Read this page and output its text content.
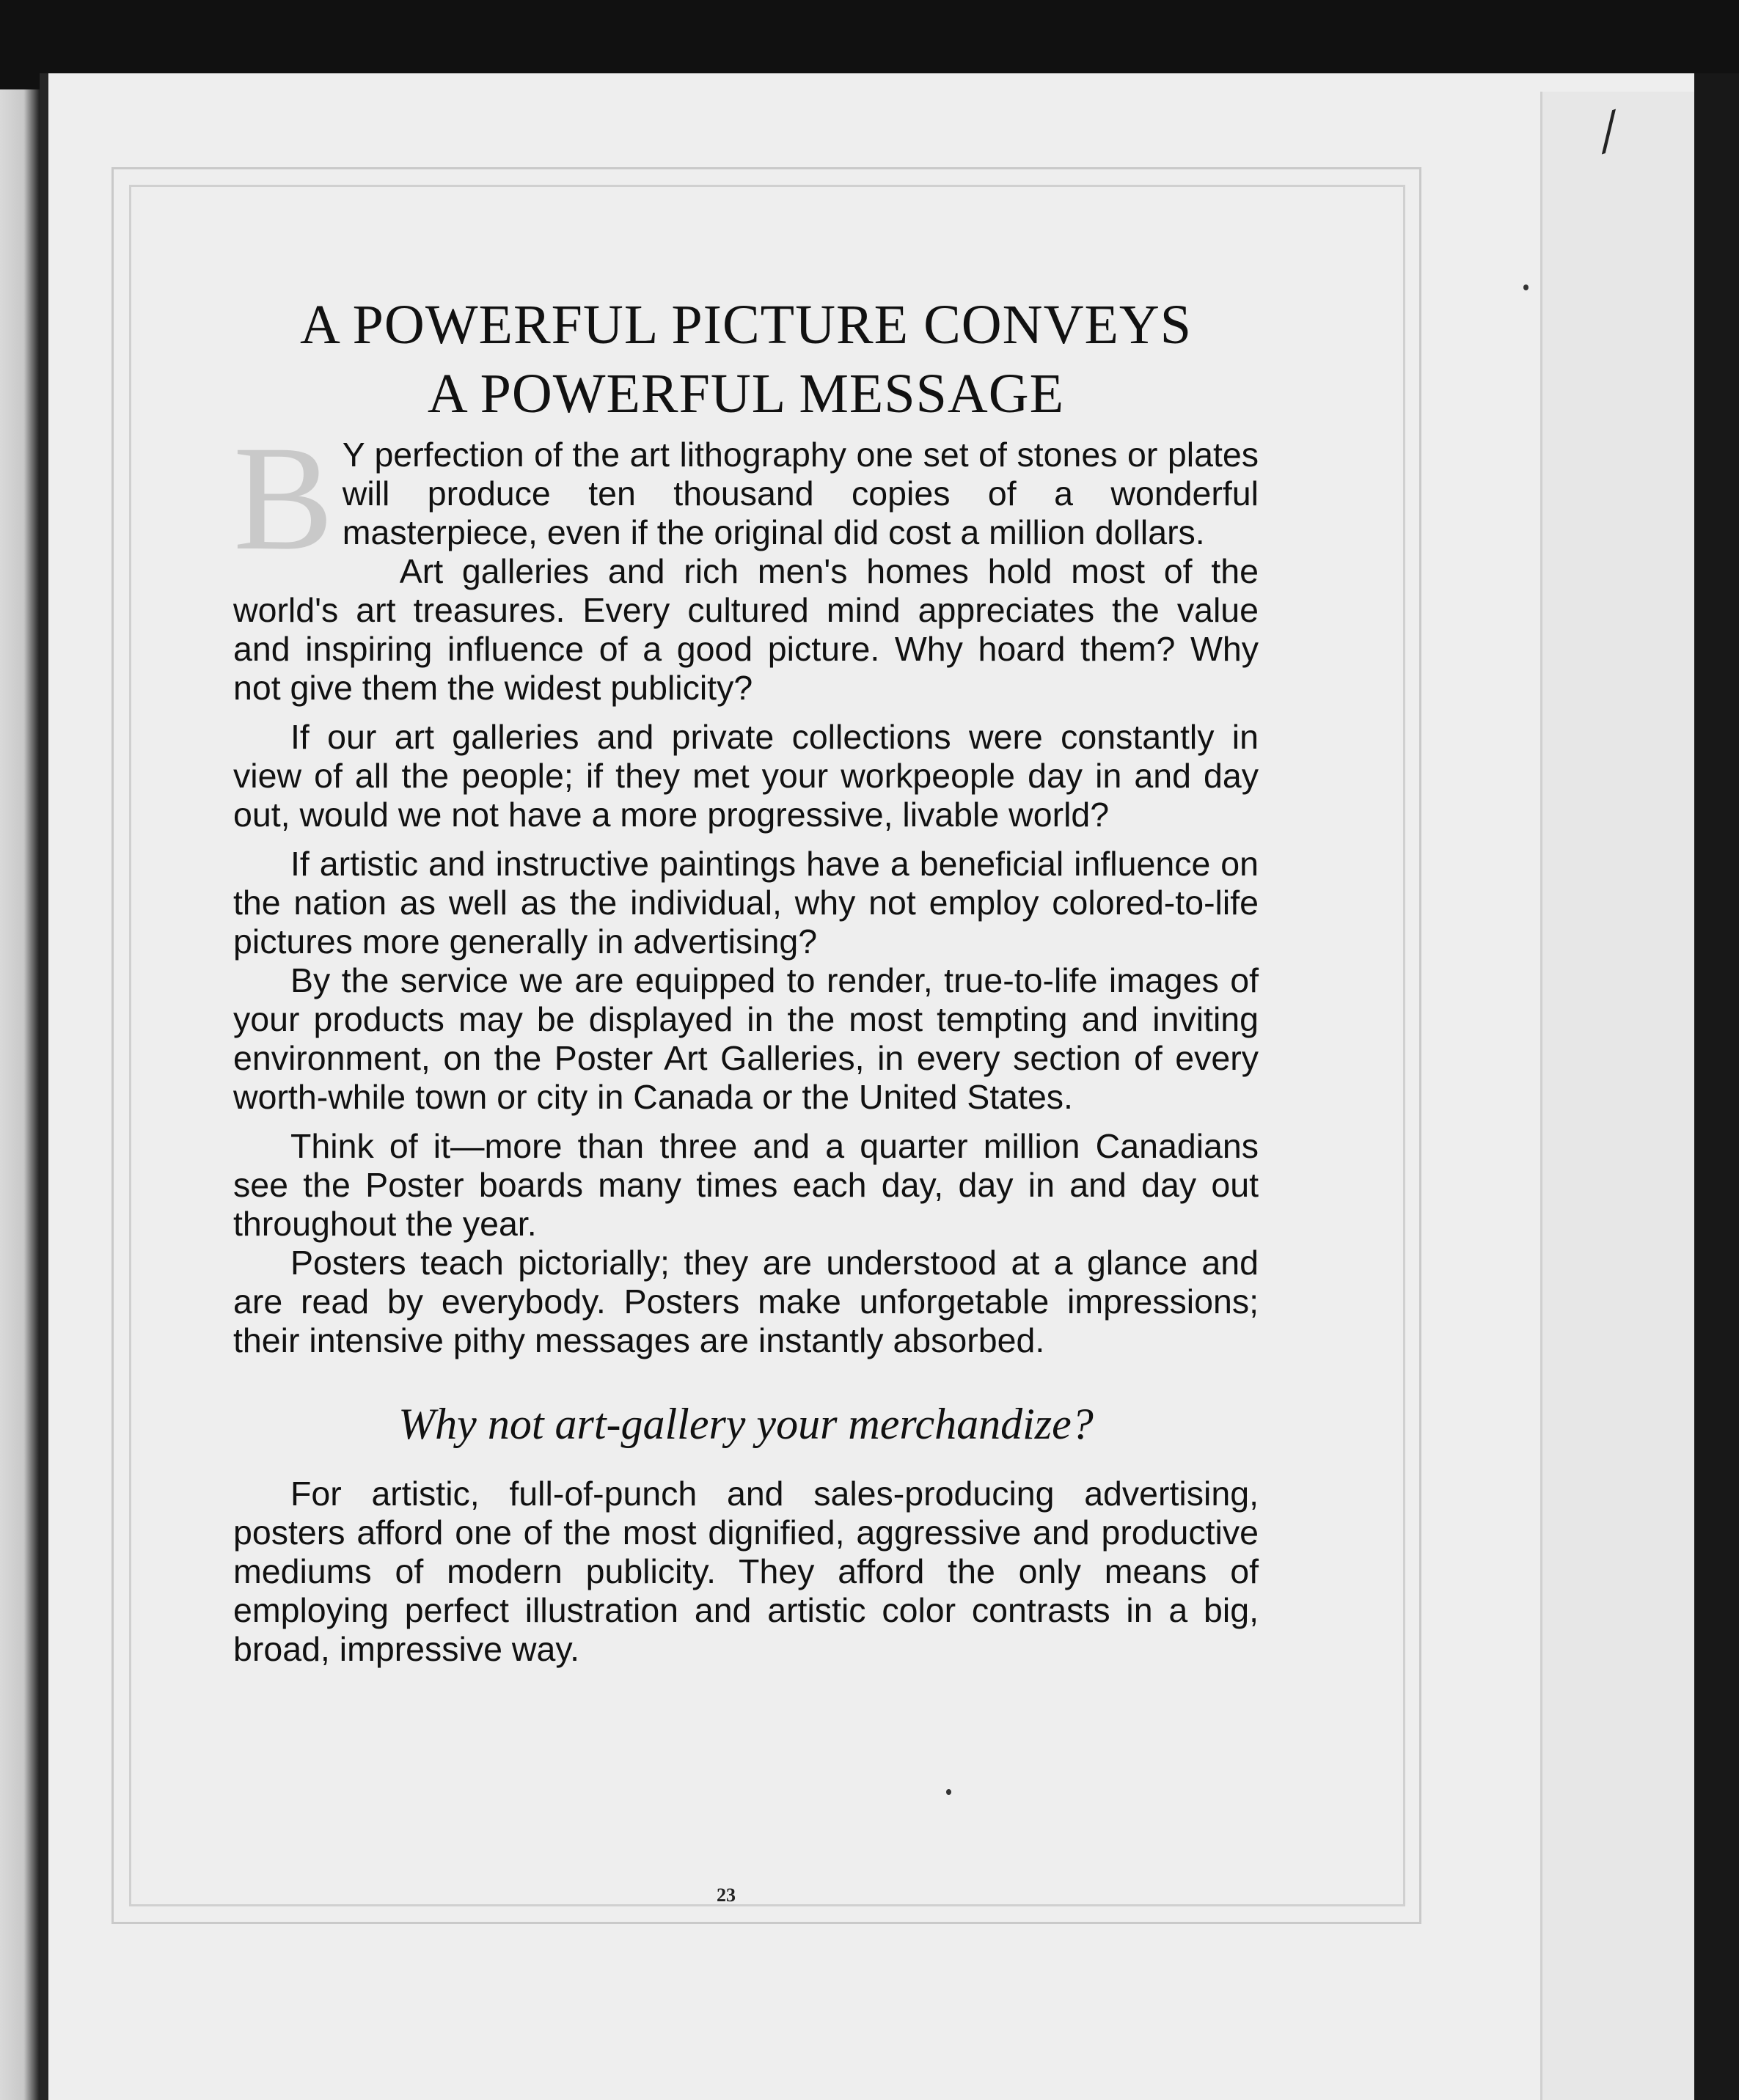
⁄
A POWERFUL PICTURE CONVEYS
A POWERFUL MESSAGE

B Y perfection of the art lithography one set of stones or plates will produce ten thousand copies of a wonderful masterpiece, even if the original did cost a million dollars.

Art galleries and rich men's homes hold most of the world's art treasures. Every cultured mind appreciates the value and inspiring influence of a good picture. Why hoard them? Why not give them the widest publicity?

If our art galleries and private collections were constantly in view of all the people; if they met your workpeople day in and day out, would we not have a more progressive, livable world?

If artistic and instructive paintings have a beneficial influence on the nation as well as the individual, why not employ colored-to-life pictures more generally in advertising?

By the service we are equipped to render, true-to-life images of your products may be displayed in the most tempting and inviting environment, on the Poster Art Galleries, in every section of every worth-while town or city in Canada or the United States.

Think of it—more than three and a quarter million Canadians see the Poster boards many times each day, day in and day out throughout the year.

Posters teach pictorially; they are understood at a glance and are read by everybody. Posters make unforgetable impressions; their intensive pithy messages are instantly absorbed.

Why not art-gallery your merchandize?

For artistic, full-of-punch and sales-producing advertising, posters afford one of the most dignified, aggressive and productive mediums of modern publicity. They afford the only means of employing perfect illustration and artistic color contrasts in a big, broad, impressive way.

23
